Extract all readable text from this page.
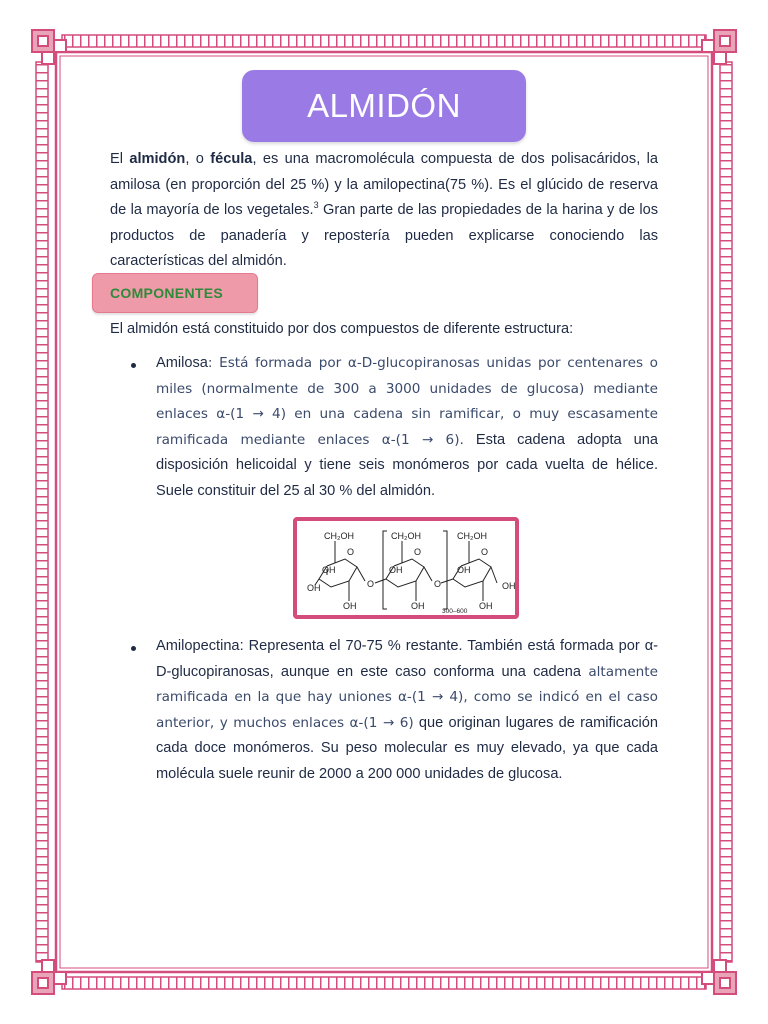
ALMIDÓN
El almidón, o fécula, es una macromolécula compuesta de dos polisacáridos, la amilosa (en proporción del 25 %) y la amilopectina(75 %). Es el glúcido de reserva de la mayoría de los vegetales.$^3$ Gran parte de las propiedades de la harina y de los productos de panadería y repostería pueden explicarse conociendo las características del almidón.
COMPONENTES
El almidón está constituido por dos compuestos de diferente estructura:
Amilosa: Está formada por α-D-glucopiranosas unidas por centenares o miles (normalmente de 300 a 3000 unidades de glucosa) mediante enlaces α-(1 → 4) en una cadena sin ramificar, o muy escasamente ramificada mediante enlaces α-(1 → 6). Esta cadena adopta una disposición helicoidal y tiene seis monómeros por cada vuelta de hélice. Suele constituir del 25 al 30 % del almidón.
CH₂OH
O
OH
OH
OH
O
CH₂OH
O
OH
OH
O
CH₂OH
O
OH
OH
OH
300–600
Amilopectina: Representa el 70-75 % restante. También está formada por α-D-glucopiranosas, aunque en este caso conforma una cadena altamente ramificada en la que hay uniones α-(1 → 4), como se indicó en el caso anterior, y muchos enlaces α-(1 → 6) que originan lugares de ramificación cada doce monómeros. Su peso molecular es muy elevado, ya que cada molécula suele reunir de 2000 a 200 000 unidades de glucosa.
